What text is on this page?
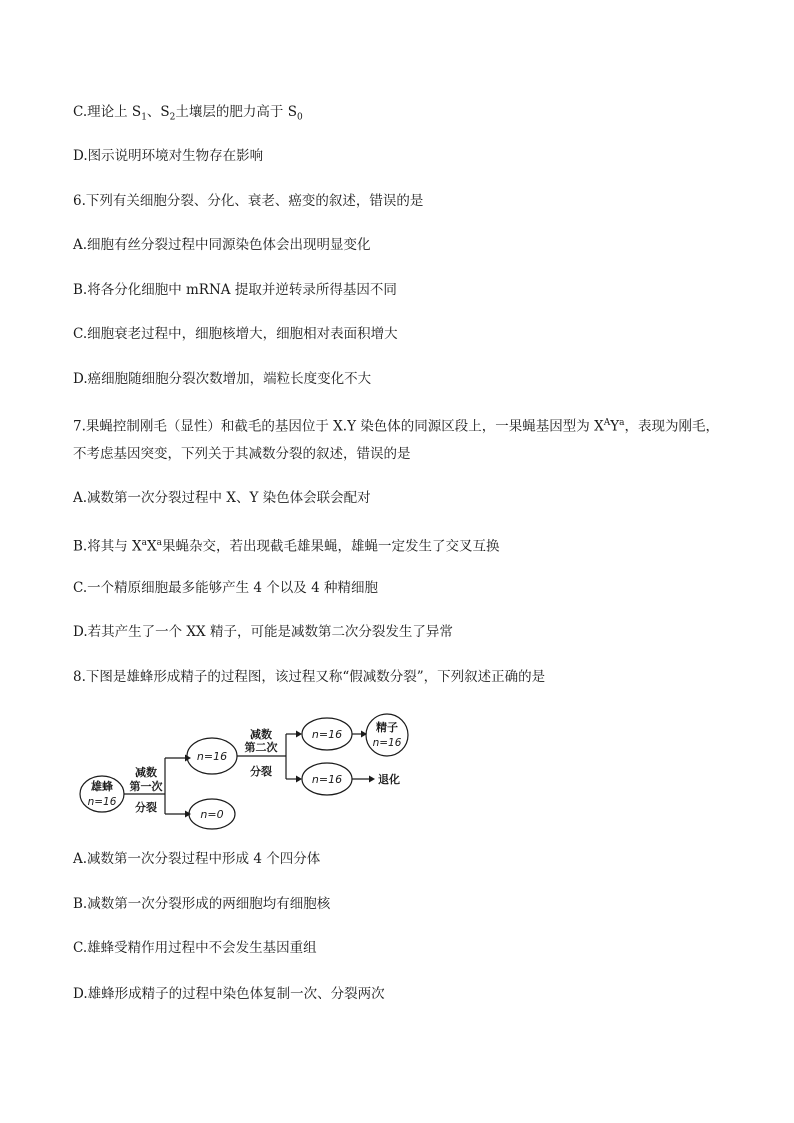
C.理论上 $S_1$、$S_2$土壤层的肥力高于 $S_0$
D.图示说明环境对生物存在影响
6.下列有关细胞分裂、分化、衰老、癌变的叙述，错误的是
A.细胞有丝分裂过程中同源染色体会出现明显变化
B.将各分化细胞中 mRNA 提取并逆转录所得基因不同
C.细胞衰老过程中，细胞核增大，细胞相对表面积增大
D.癌细胞随细胞分裂次数增加，端粒长度变化不大
7.果蝇控制刚毛（显性）和截毛的基因位于 X.Y 染色体的同源区段上，一果蝇基因型为 $X^AY^a$，表现为刚毛，
不考虑基因突变，下列关于其减数分裂的叙述，错误的是
A.减数第一次分裂过程中 X、Y 染色体会联会配对
B.将其与 $X^aX^a$果蝇杂交，若出现截毛雄果蝇，雄蝇一定发生了交叉互换
C.一个精原细胞最多能够产生 4 个以及 4 种精细胞
D.若其产生了一个 XX 精子，可能是减数第二次分裂发生了异常
8.下图是雄蜂形成精子的过程图，该过程又称“假减数分裂”，下列叙述正确的是
雄蜂
n=16
减数
第一次
分裂
n=16
n=0
减数
第二次
分裂
n=16
n=16
精子
n=16
退化
A.减数第一次分裂过程中形成 4 个四分体
B.减数第一次分裂形成的两细胞均有细胞核
C.雄蜂受精作用过程中不会发生基因重组
D.雄蜂形成精子的过程中染色体复制一次、分裂两次
